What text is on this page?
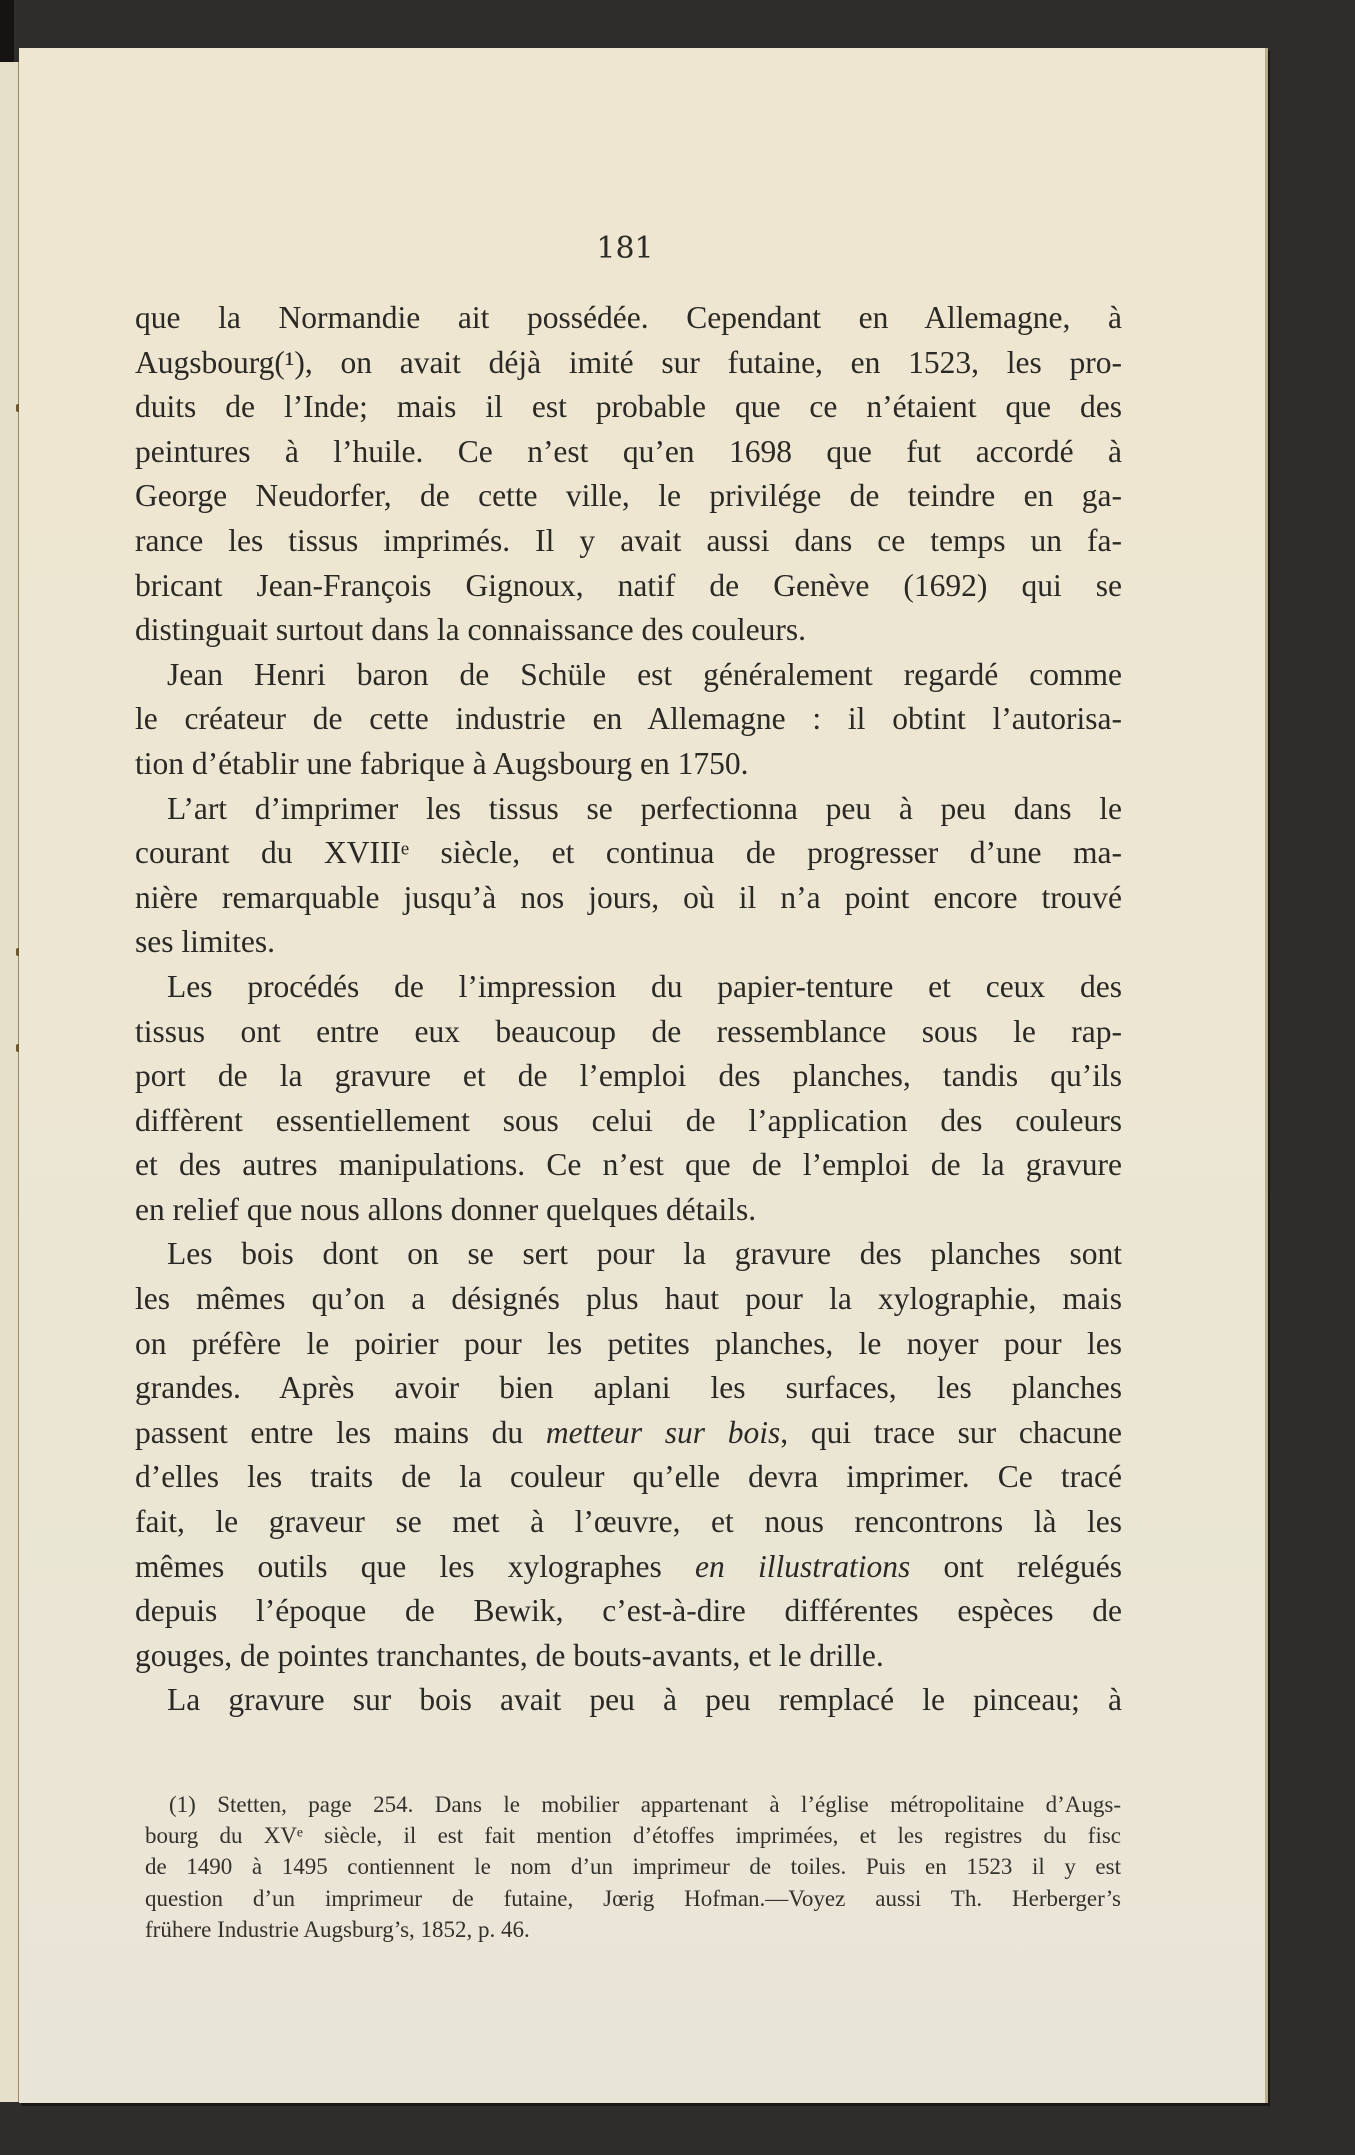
181
que la Normandie ait possédée. Cependant en Allemagne, à
Augsbourg(¹), on avait déjà imité sur futaine, en 1523, les pro-
duits de l’Inde; mais il est probable que ce n’étaient que des
peintures à l’huile. Ce n’est qu’en 1698 que fut accordé à
George Neudorfer, de cette ville, le privilége de teindre en ga-
rance les tissus imprimés. Il y avait aussi dans ce temps un fa-
bricant Jean-François Gignoux, natif de Genève (1692) qui se
distinguait surtout dans la connaissance des couleurs.
Jean Henri baron de Schüle est généralement regardé comme
le créateur de cette industrie en Allemagne : il obtint l’autorisa-
tion d’établir une fabrique à Augsbourg en 1750.
L’art d’imprimer les tissus se perfectionna peu à peu dans le
courant du XVIIIᵉ siècle, et continua de progresser d’une ma-
nière remarquable jusqu’à nos jours, où il n’a point encore trouvé
ses limites.
Les procédés de l’impression du papier-tenture et ceux des
tissus ont entre eux beaucoup de ressemblance sous le rap-
port de la gravure et de l’emploi des planches, tandis qu’ils
diffèrent essentiellement sous celui de l’application des couleurs
et des autres manipulations. Ce n’est que de l’emploi de la gravure
en relief que nous allons donner quelques détails.
Les bois dont on se sert pour la gravure des planches sont
les mêmes qu’on a désignés plus haut pour la xylographie, mais
on préfère le poirier pour les petites planches, le noyer pour les
grandes. Après avoir bien aplani les surfaces, les planches
passent entre les mains du metteur sur bois, qui trace sur chacune
d’elles les traits de la couleur qu’elle devra imprimer. Ce tracé
fait, le graveur se met à l’œuvre, et nous rencontrons là les
mêmes outils que les xylographes en illustrations ont relégués
depuis l’époque de Bewik, c’est-à-dire différentes espèces de
gouges, de pointes tranchantes, de bouts-avants, et le drille.
La gravure sur bois avait peu à peu remplacé le pinceau; à
(1) Stetten, page 254. Dans le mobilier appartenant à l’église métropolitaine d’Augs-
bourg du XVᵉ siècle, il est fait mention d’étoffes imprimées, et les registres du fisc
de 1490 à 1495 contiennent le nom d’un imprimeur de toiles. Puis en 1523 il y est
question d’un imprimeur de futaine, Jœrig Hofman.—Voyez aussi Th. Herberger’s
frühere Industrie Augsburg’s, 1852, p. 46.
